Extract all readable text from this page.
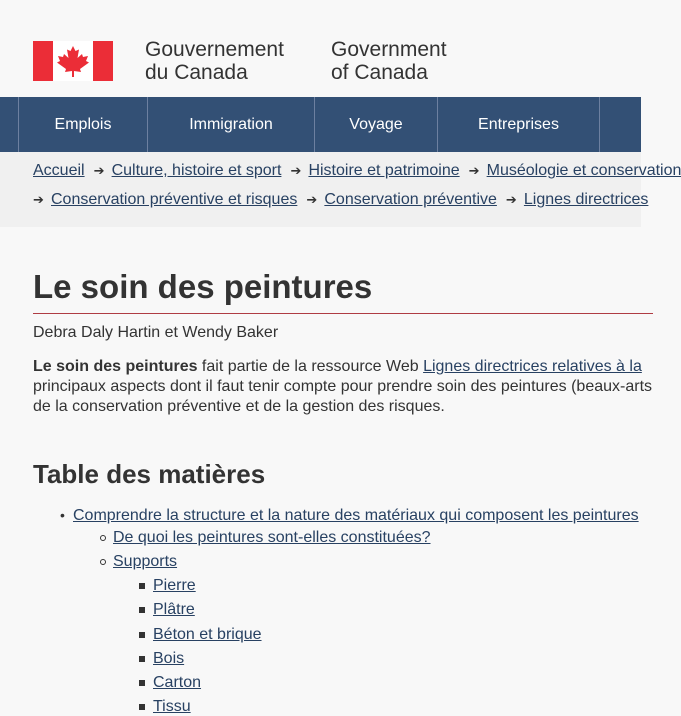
Gouvernement
du Canada
Government
of Canada
Emplois	Immigration	Voyage	Entreprises
Accueil ➔ Culture, histoire et sport ➔ Histoire et patrimoine ➔ Muséologie et conservation
➔ Conservation préventive et risques ➔ Conservation préventive ➔ Lignes directrices
Le soin des peintures
Debra Daly Hartin et Wendy Baker
Le soin des peintures fait partie de la ressource Web Lignes directrices relatives à la
principaux aspects dont il faut tenir compte pour prendre soin des peintures (beaux-arts
de la conservation préventive et de la gestion des risques.
Table des matières
• Comprendre la structure et la nature des matériaux qui composent les peintures
De quoi les peintures sont-elles constituées?
Supports
Pierre
Plâtre
Béton et brique
Bois
Carton
Tissu
